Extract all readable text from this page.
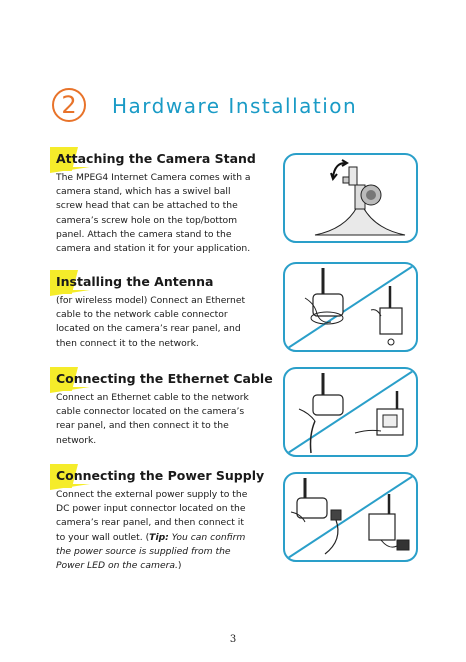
2	Hardware Installation
Attaching the Camera Stand
The MPEG4 Internet Camera comes with a
camera stand, which has a swivel ball
screw head that can be attached to the
camera’s screw hole on the top/bottom
panel. Attach the camera stand to the
camera and station it for your application.
Installing the Antenna
(for wireless model) Connect an Ethernet
cable to the network cable connector
located on the camera’s rear panel, and
then connect it to the network.
Connecting the Ethernet Cable
Connect an Ethernet cable to the network
cable connector located on the camera’s
rear panel, and then connect it to the
network.
Connecting the Power Supply
Connect the external power supply to the
DC power input connector located on the
camera’s rear panel, and then connect it
to your wall outlet. (Tip: You can confirm
the power source is supplied from the
Power LED on the camera.)
3
